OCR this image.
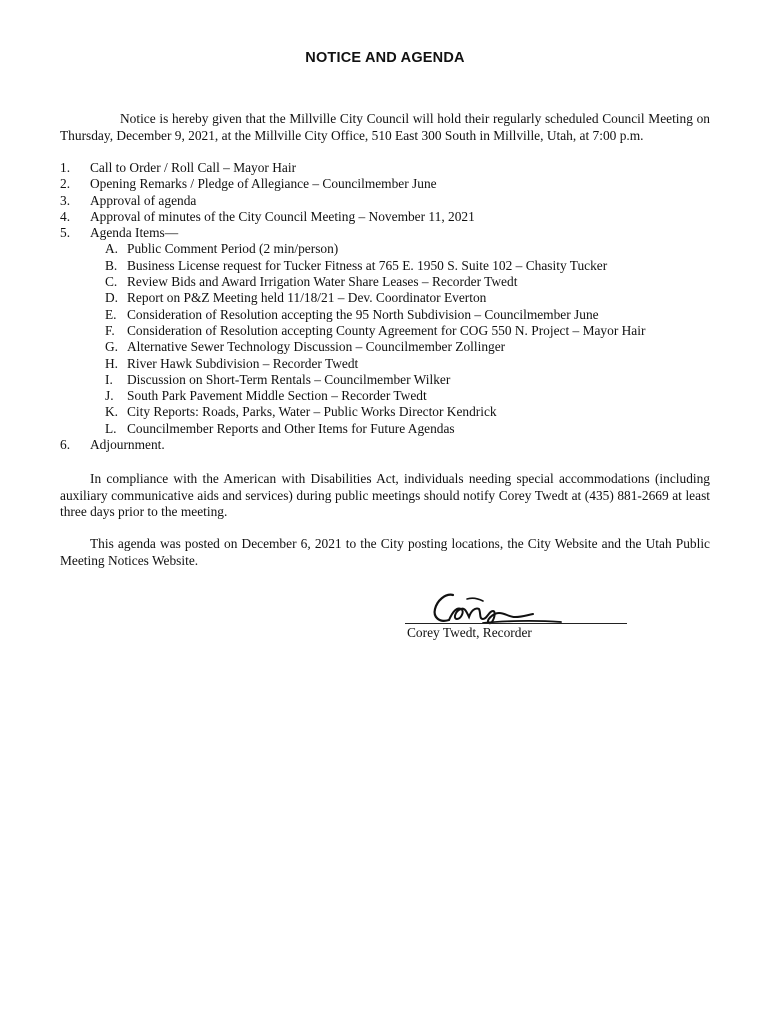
NOTICE AND AGENDA
Notice is hereby given that the Millville City Council will hold their regularly scheduled Council Meeting on Thursday, December 9, 2021, at the Millville City Office, 510 East 300 South in Millville, Utah, at 7:00 p.m.
1.	Call to Order / Roll Call – Mayor Hair
2.	Opening Remarks / Pledge of Allegiance – Councilmember June
3.	Approval of agenda
4.	Approval of minutes of the City Council Meeting – November 11, 2021
5.	Agenda Items—
A. Public Comment Period (2 min/person)
B. Business License request for Tucker Fitness at 765 E. 1950 S. Suite 102 – Chasity Tucker
C. Review Bids and Award Irrigation Water Share Leases – Recorder Twedt
D. Report on P&Z Meeting held 11/18/21 – Dev. Coordinator Everton
E. Consideration of Resolution accepting the 95 North Subdivision – Councilmember June
F. Consideration of Resolution accepting County Agreement for COG 550 N. Project – Mayor Hair
G. Alternative Sewer Technology Discussion – Councilmember Zollinger
H. River Hawk Subdivision – Recorder Twedt
I.	Discussion on Short-Term Rentals – Councilmember Wilker
J.	South Park Pavement Middle Section – Recorder Twedt
K. City Reports: Roads, Parks, Water – Public Works Director Kendrick
L. Councilmember Reports and Other Items for Future Agendas
6.	Adjournment.
In compliance with the American with Disabilities Act, individuals needing special accommodations (including auxiliary communicative aids and services) during public meetings should notify Corey Twedt at (435) 881-2669 at least three days prior to the meeting.
This agenda was posted on December 6, 2021 to the City posting locations, the City Website and the Utah Public Meeting Notices Website.
Corey Twedt, Recorder
